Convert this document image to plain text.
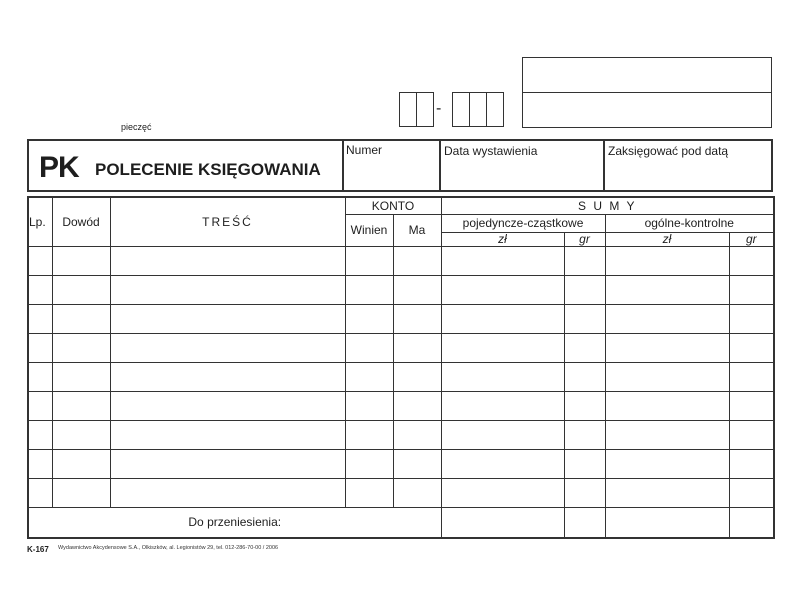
pieczęć
-
PK POLECENIE KSIĘGOWANIA
Numer	Data wystawienia	Zaksięgować pod datą
Lp.	Dowód	TREŚĆ	KONTO		S U M Y			
			Winien	Ma	pojedyncze-cząstkowe		ogólne-kontrolne	
					zł	gr	zł	gr

Do przeniesienia:								
K-167 Wydawnictwo Akcydensowe S.A., Olkiszków, al. Legionistów 29, tel. 012-286-70-00 / 2006
